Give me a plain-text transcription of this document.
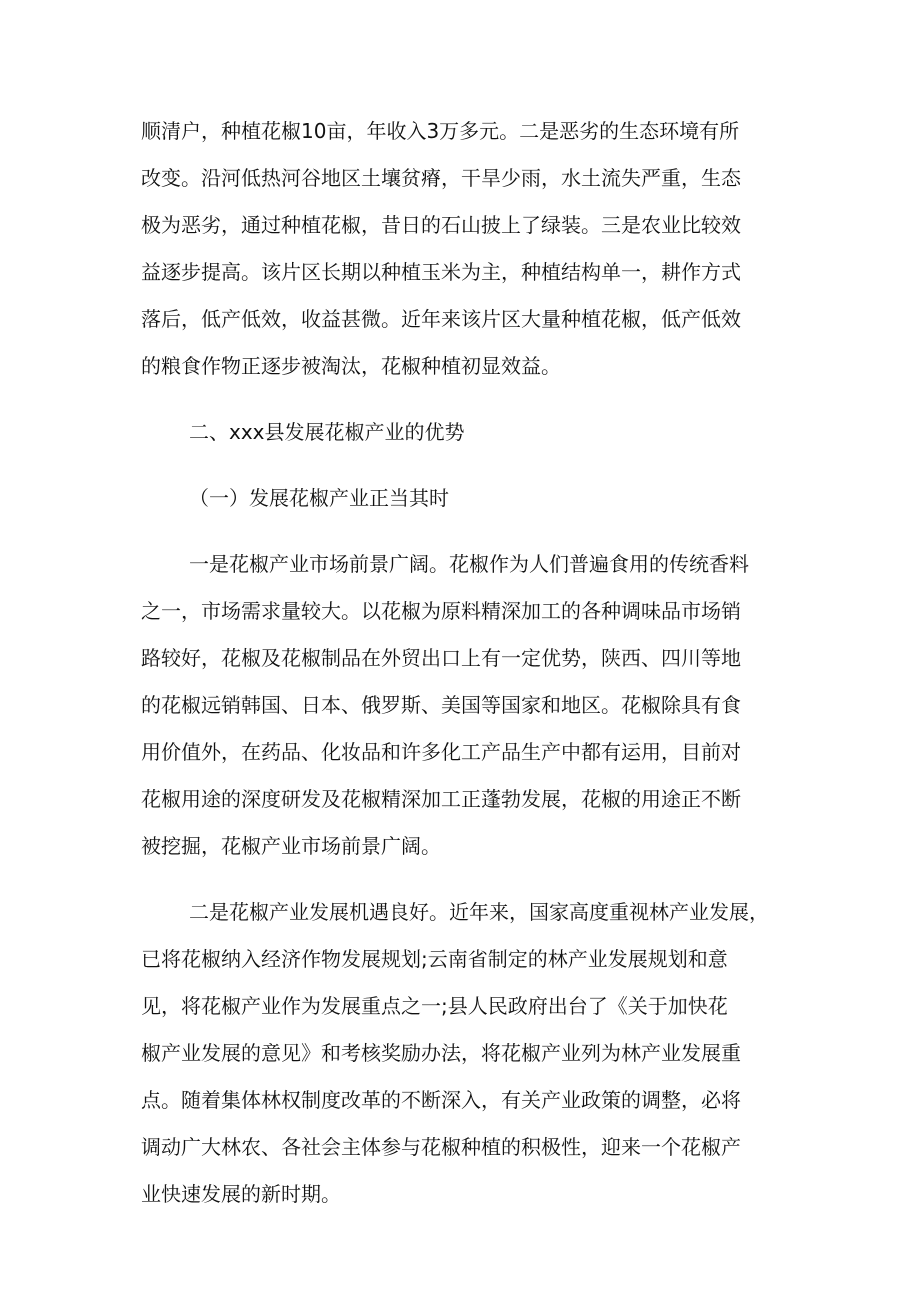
顺清户，种植花椒10亩，年收入3万多元。二是恶劣的生态环境有所
改变。沿河低热河谷地区土壤贫瘠，干旱少雨，水土流失严重，生态
极为恶劣，通过种植花椒，昔日的石山披上了绿装。三是农业比较效
益逐步提高。该片区长期以种植玉米为主，种植结构单一，耕作方式
落后，低产低效，收益甚微。近年来该片区大量种植花椒，低产低效
的粮食作物正逐步被淘汰，花椒种植初显效益。
二、xxx县发展花椒产业的优势
（一）发展花椒产业正当其时
一是花椒产业市场前景广阔。花椒作为人们普遍食用的传统香料
之一，市场需求量较大。以花椒为原料精深加工的各种调味品市场销
路较好，花椒及花椒制品在外贸出口上有一定优势，陕西、四川等地
的花椒远销韩国、日本、俄罗斯、美国等国家和地区。花椒除具有食
用价值外，在药品、化妆品和许多化工产品生产中都有运用，目前对
花椒用途的深度研发及花椒精深加工正蓬勃发展，花椒的用途正不断
被挖掘，花椒产业市场前景广阔。
二是花椒产业发展机遇良好。近年来，国家高度重视林产业发展，
已将花椒纳入经济作物发展规划;云南省制定的林产业发展规划和意
见，将花椒产业作为发展重点之一;县人民政府出台了《关于加快花
椒产业发展的意见》和考核奖励办法，将花椒产业列为林产业发展重
点。随着集体林权制度改革的不断深入，有关产业政策的调整，必将
调动广大林农、各社会主体参与花椒种植的积极性，迎来一个花椒产
业快速发展的新时期。
